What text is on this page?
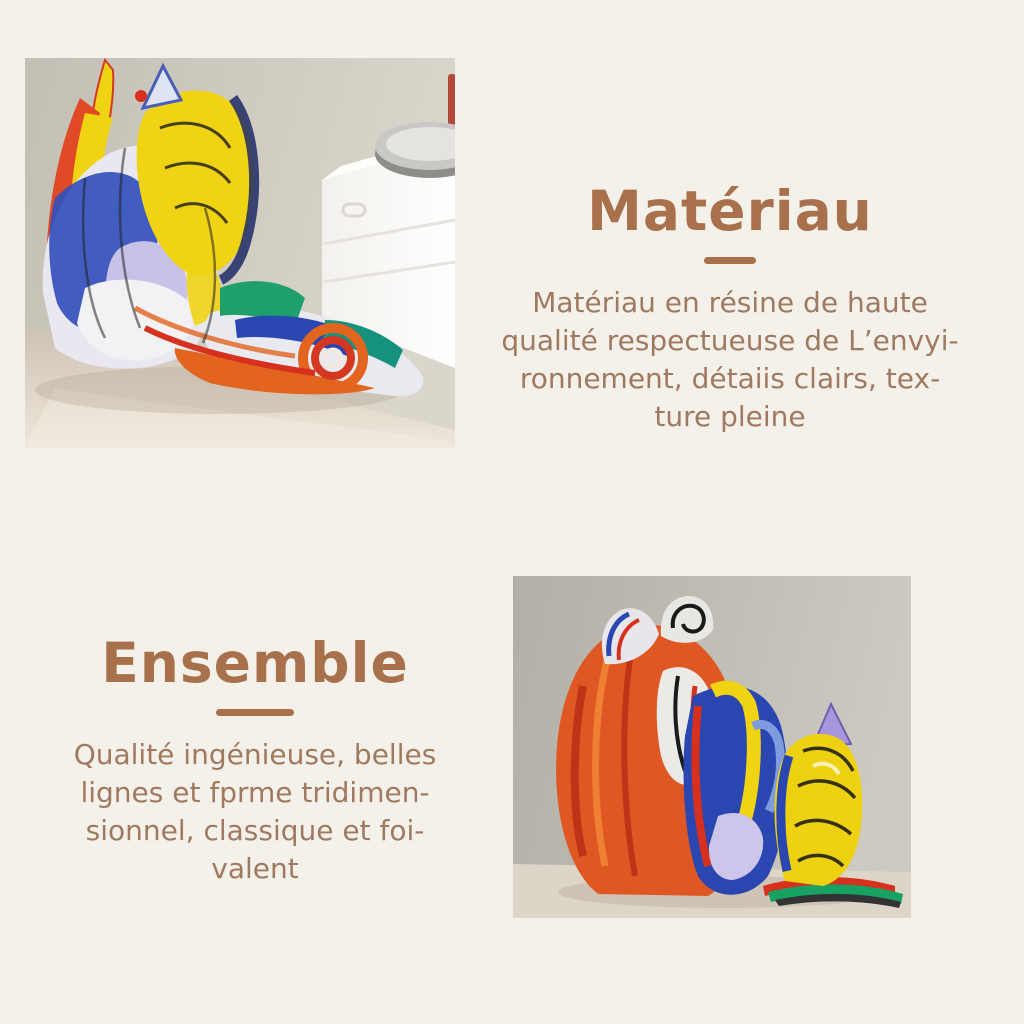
Matériau

Matériau en résine de haute

qualité respectueuse de L’envyi-

ronnement, détaiis clairs, tex-

ture pleine

Ensemble

Qualité ingénieuse, belles

lignes et fprme tridimen-

sionnel, classique et foi-

valent
